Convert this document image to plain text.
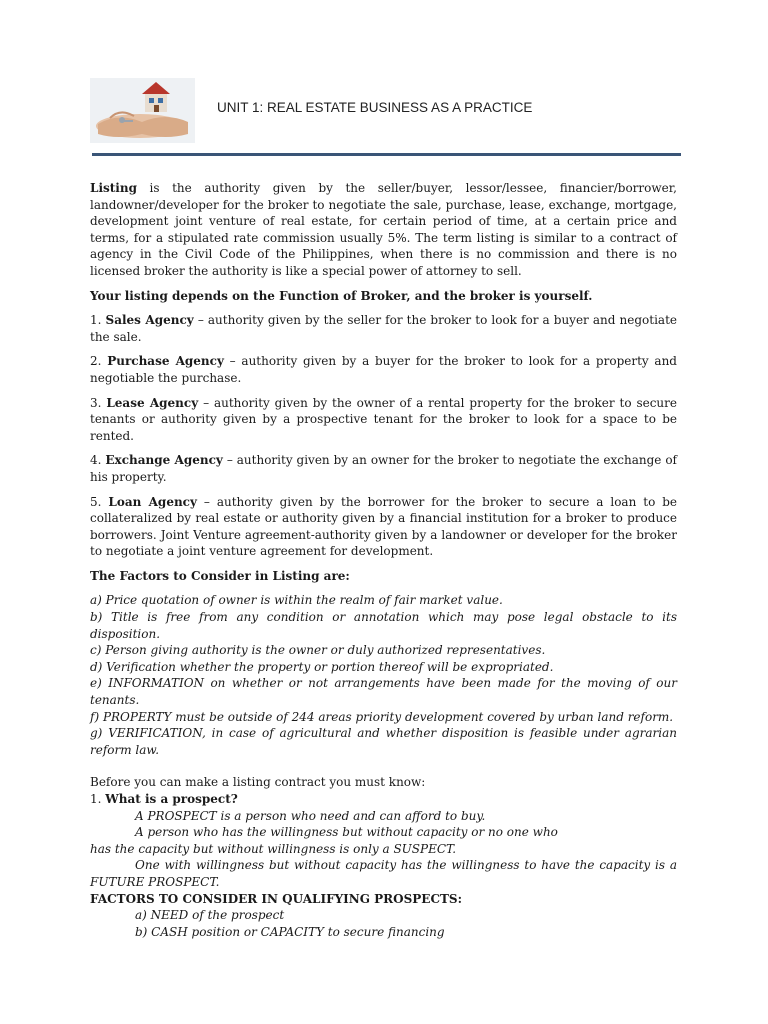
UNIT 1: REAL ESTATE BUSINESS AS A PRACTICE

Listing is the authority given by the seller/buyer, lessor/lessee, financier/borrower, landowner/developer for the broker to negotiate the sale, purchase, lease, exchange, mortgage, development joint venture of real estate, for certain period of time, at a certain price and terms, for a stipulated rate commission usually 5%. The term listing is similar to a contract of agency in the Civil Code of the Philippines, when there is no commission and there is no licensed broker the authority is like a special power of attorney to sell.

Your listing depends on the Function of Broker, and the broker is yourself.

1. Sales Agency – authority given by the seller for the broker to look for a buyer and negotiate the sale.

2. Purchase Agency – authority given by a buyer for the broker to look for a property and negotiable the purchase.

3. Lease Agency – authority given by the owner of a rental property for the broker to secure tenants or authority given by a prospective tenant for the broker to look for a space to be rented.

4. Exchange Agency – authority given by an owner for the broker to negotiate the exchange of his property.

5. Loan Agency – authority given by the borrower for the broker to secure a loan to be collateralized by real estate or authority given by a financial institution for a broker to produce borrowers. Joint Venture agreement-authority given by a landowner or developer for the broker to negotiate a joint venture agreement for development.

The Factors to Consider in Listing are:

a) Price quotation of owner is within the realm of fair market value.

b) Title is free from any condition or annotation which may pose legal obstacle to its disposition.

c) Person giving authority is the owner or duly authorized representatives.

d) Verification whether the property or portion thereof will be expropriated.

e) INFORMATION on whether or not arrangements have been made for the moving of our tenants.

f) PROPERTY must be outside of 244 areas priority development covered by urban land reform.

g) VERIFICATION, in case of agricultural and whether disposition is feasible under agrarian reform law.

Before you can make a listing contract you must know:

1. What is a prospect?

A PROSPECT is a person who need and can afford to buy.

A person who has the willingness but without capacity or no one who

has the capacity but without willingness is only a SUSPECT.

One with willingness but without capacity has the willingness to have the capacity is a FUTURE PROSPECT.

FACTORS TO CONSIDER IN QUALIFYING PROSPECTS:

a) NEED of the prospect

b) CASH position or CAPACITY to secure financing
